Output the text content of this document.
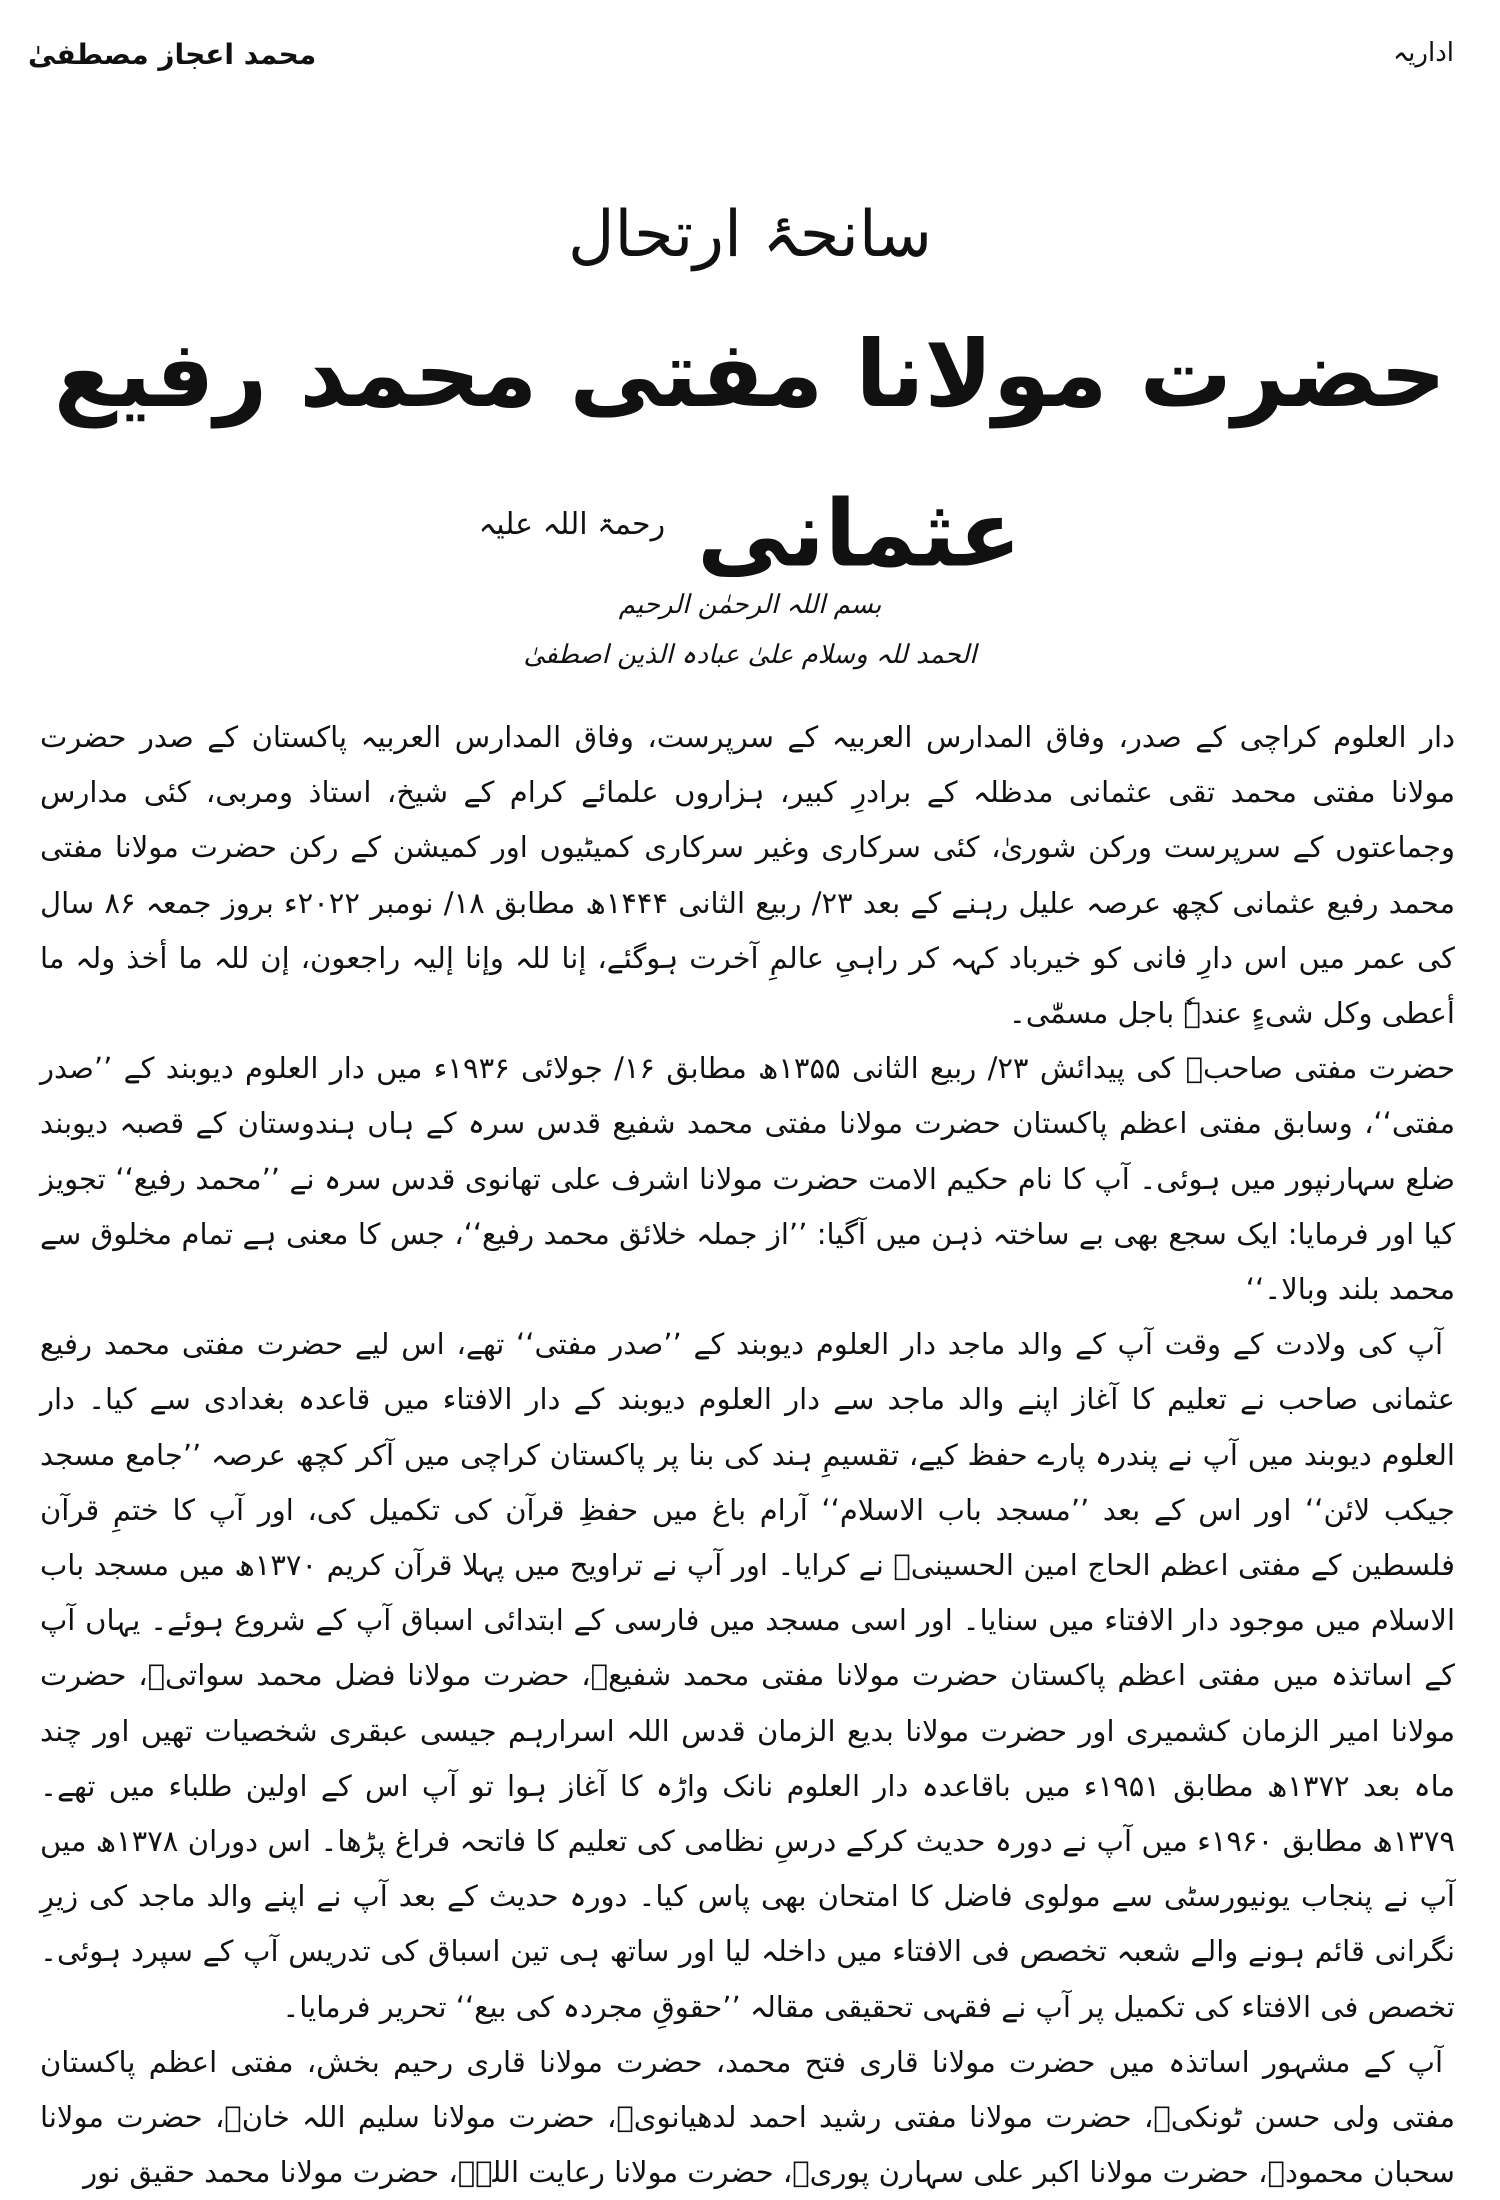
اداریہ
محمد اعجاز مصطفیٰ
سانحۂ ارتحال
حضرت مولانا مفتی محمد رفیع عثمانی $^{رحمۃ اللہ علیہ}$
بسم اللہ الرحمٰن الرحیم
الحمد للہ وسلام علیٰ عبادہ الذین اصطفیٰ

دار العلوم کراچی کے صدر، وفاق المدارس العربیہ کے سرپرست، وفاق المدارس العربیہ پاکستان کے صدر حضرت مولانا مفتی محمد تقی عثمانی مدظلہ کے برادرِ کبیر، ہزاروں علمائے کرام کے شیخ، استاذ ومربی، کئی مدارس وجماعتوں کے سرپرست ورکن شوریٰ، کئی سرکاری وغیر سرکاری کمیٹیوں اور کمیشن کے رکن حضرت مولانا مفتی محمد رفیع عثمانی کچھ عرصہ علیل رہنے کے بعد ۲۳/ ربیع الثانی ۱۴۴۴ھ مطابق ۱۸/ نومبر ۲۰۲۲ء بروز جمعہ ۸۶ سال کی عمر میں اس دارِ فانی کو خیرباد کہہ کر راہیِ عالمِ آخرت ہوگئے، إنا للہ وإنا إلیہ راجعون، إن للہ ما أخذ ولہ ما أعطی وکل شیءٍ عندہٗ باجل مسمّٰی۔

حضرت مفتی صاحبؒ کی پیدائش ۲۳/ ربیع الثانی ۱۳۵۵ھ مطابق ۱۶/ جولائی ۱۹۳۶ء میں دار العلوم دیوبند کے ’’صدر مفتی‘‘، وسابق مفتی اعظم پاکستان حضرت مولانا مفتی محمد شفیع قدس سرہ کے ہاں ہندوستان کے قصبہ دیوبند ضلع سہارنپور میں ہوئی۔ آپ کا نام حکیم الامت حضرت مولانا اشرف علی تھانوی قدس سرہ نے ’’محمد رفیع‘‘ تجویز کیا اور فرمایا: ایک سجع بھی بے ساختہ ذہن میں آگیا: ’’از جملہ خلائق محمد رفیع‘‘، جس کا معنی ہے تمام مخلوق سے محمد بلند وبالا۔‘‘

آپ کی ولادت کے وقت آپ کے والد ماجد دار العلوم دیوبند کے ’’صدر مفتی‘‘ تھے، اس لیے حضرت مفتی محمد رفیع عثمانی صاحب نے تعلیم کا آغاز اپنے والد ماجد سے دار العلوم دیوبند کے دار الافتاء میں قاعدہ بغدادی سے کیا۔ دار العلوم دیوبند میں آپ نے پندرہ پارے حفظ کیے، تقسیمِ ہند کی بنا پر پاکستان کراچی میں آکر کچھ عرصہ ’’جامع مسجد جیکب لائن‘‘ اور اس کے بعد ’’مسجد باب الاسلام‘‘ آرام باغ میں حفظِ قرآن کی تکمیل کی، اور آپ کا ختمِ قرآن فلسطین کے مفتی اعظم الحاج امین الحسینیؒ نے کرایا۔ اور آپ نے تراویح میں پہلا قرآن کریم ۱۳۷۰ھ میں مسجد باب الاسلام میں موجود دار الافتاء میں سنایا۔ اور اسی مسجد میں فارسی کے ابتدائی اسباق آپ کے شروع ہوئے۔ یہاں آپ کے اساتذہ میں مفتی اعظم پاکستان حضرت مولانا مفتی محمد شفیعؒ، حضرت مولانا فضل محمد سواتیؒ، حضرت مولانا امیر الزمان کشمیری اور حضرت مولانا بدیع الزمان قدس اللہ اسرارہم جیسی عبقری شخصیات تھیں اور چند ماہ بعد ۱۳۷۲ھ مطابق ۱۹۵۱ء میں باقاعدہ دار العلوم نانک واڑہ کا آغاز ہوا تو آپ اس کے اولین طلباء میں تھے۔ ۱۳۷۹ھ مطابق ۱۹۶۰ء میں آپ نے دورہ حدیث کرکے درسِ نظامی کی تعلیم کا فاتحہ فراغ پڑھا۔ اس دوران ۱۳۷۸ھ میں آپ نے پنجاب یونیورسٹی سے مولوی فاضل کا امتحان بھی پاس کیا۔ دورہ حدیث کے بعد آپ نے اپنے والد ماجد کی زیرِ نگرانی قائم ہونے والے شعبہ تخصص فی الافتاء میں داخلہ لیا اور ساتھ ہی تین اسباق کی تدریس آپ کے سپرد ہوئی۔ تخصص فی الافتاء کی تکمیل پر آپ نے فقہی تحقیقی مقالہ ’’حقوقِ مجردہ کی بیع‘‘ تحریر فرمایا۔

آپ کے مشہور اساتذہ میں حضرت مولانا قاری فتح محمد، حضرت مولانا قاری رحیم بخش، مفتی اعظم پاکستان مفتی ولی حسن ٹونکیؒ، حضرت مولانا مفتی رشید احمد لدھیانویؒ، حضرت مولانا سلیم اللہ خانؒ، حضرت مولانا سحبان محمودؒ، حضرت مولانا اکبر علی سہارن پوریؒ، حضرت مولانا رعایت اللہؒ، حضرت مولانا محمد حقیق نور
